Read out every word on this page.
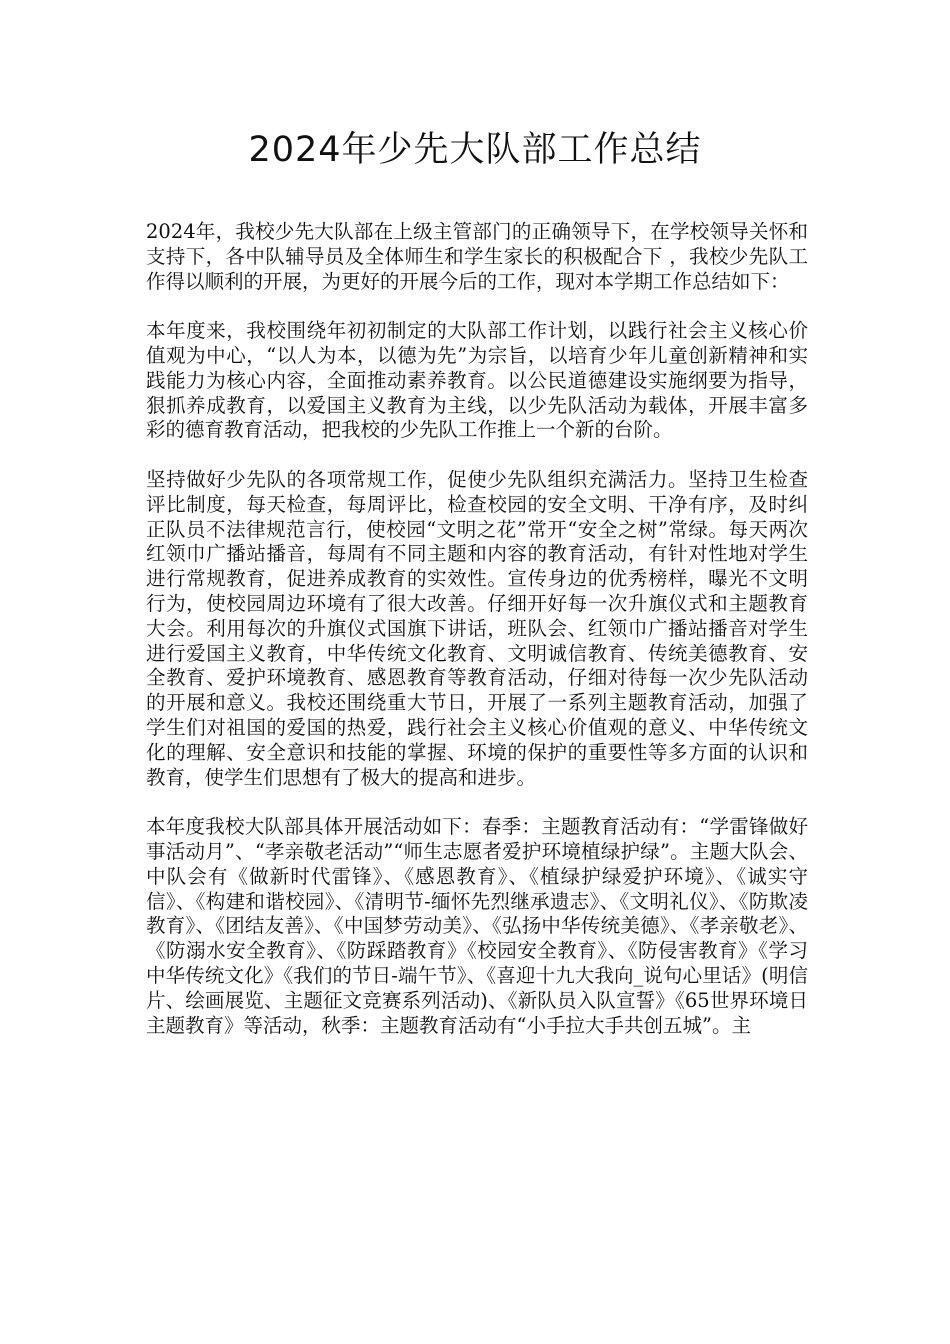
2024年少先大队部工作总结

2024年，我校少先大队部在上级主管部门的正确领导下，在学校领导关怀和支持下，各中队辅导员及全体师生和学生家长的积极配合下 ，我校少先队工作得以顺利的开展，为更好的开展今后的工作，现对本学期工作总结如下：

本年度来，我校围绕年初初制定的大队部工作计划，以践行社会主义核心价值观为中心，“以人为本，以德为先”为宗旨，以培育少年儿童创新精神和实践能力为核心内容，全面推动素养教育。以公民道德建设实施纲要为指导，狠抓养成教育，以爱国主义教育为主线，以少先队活动为载体，开展丰富多彩的德育教育活动，把我校的少先队工作推上一个新的台阶。

坚持做好少先队的各项常规工作，促使少先队组织充满活力。坚持卫生检查评比制度，每天检查，每周评比，检查校园的安全文明、干净有序，及时纠正队员不法律规范言行，使校园“文明之花”常开“安全之树”常绿。每天两次红领巾广播站播音，每周有不同主题和内容的教育活动，有针对性地对学生进行常规教育，促进养成教育的实效性。宣传身边的优秀榜样，曝光不文明行为，使校园周边环境有了很大改善。仔细开好每一次升旗仪式和主题教育大会。利用每次的升旗仪式国旗下讲话，班队会、红领巾广播站播音对学生进行爱国主义教育，中华传统文化教育、文明诚信教育、传统美德教育、安全教育、爱护环境教育、感恩教育等教育活动，仔细对待每一次少先队活动的开展和意义。我校还围绕重大节日，开展了一系列主题教育活动，加强了学生们对祖国的爱国的热爱，践行社会主义核心价值观的意义、中华传统文化的理解、安全意识和技能的掌握、环境的保护的重要性等多方面的认识和教育，使学生们思想有了极大的提高和进步。

本年度我校大队部具体开展活动如下：春季：主题教育活动有：“学雷锋做好事活动月”、“孝亲敬老活动”“师生志愿者爱护环境植绿护绿”。主题大队会、中队会有《做新时代雷锋》、《感恩教育》、《植绿护绿爱护环境》、《诚实守信》、《构建和谐校园》、《清明节-缅怀先烈继承遗志》、《文明礼仪》、《防欺凌教育》、《团结友善》、《中国梦劳动美》、《弘扬中华传统美德》、《孝亲敬老》、《防溺水安全教育》、《防踩踏教育》《校园安全教育》、《防侵害教育》《学习中华传统文化》《我们的节日-端午节》、《喜迎十九大我向_说句心里话》(明信片、绘画展览、主题征文竞赛系列活动)、《新队员入队宣誓》《65世界环境日主题教育》等活动，秋季：主题教育活动有“小手拉大手共创五城”。主
